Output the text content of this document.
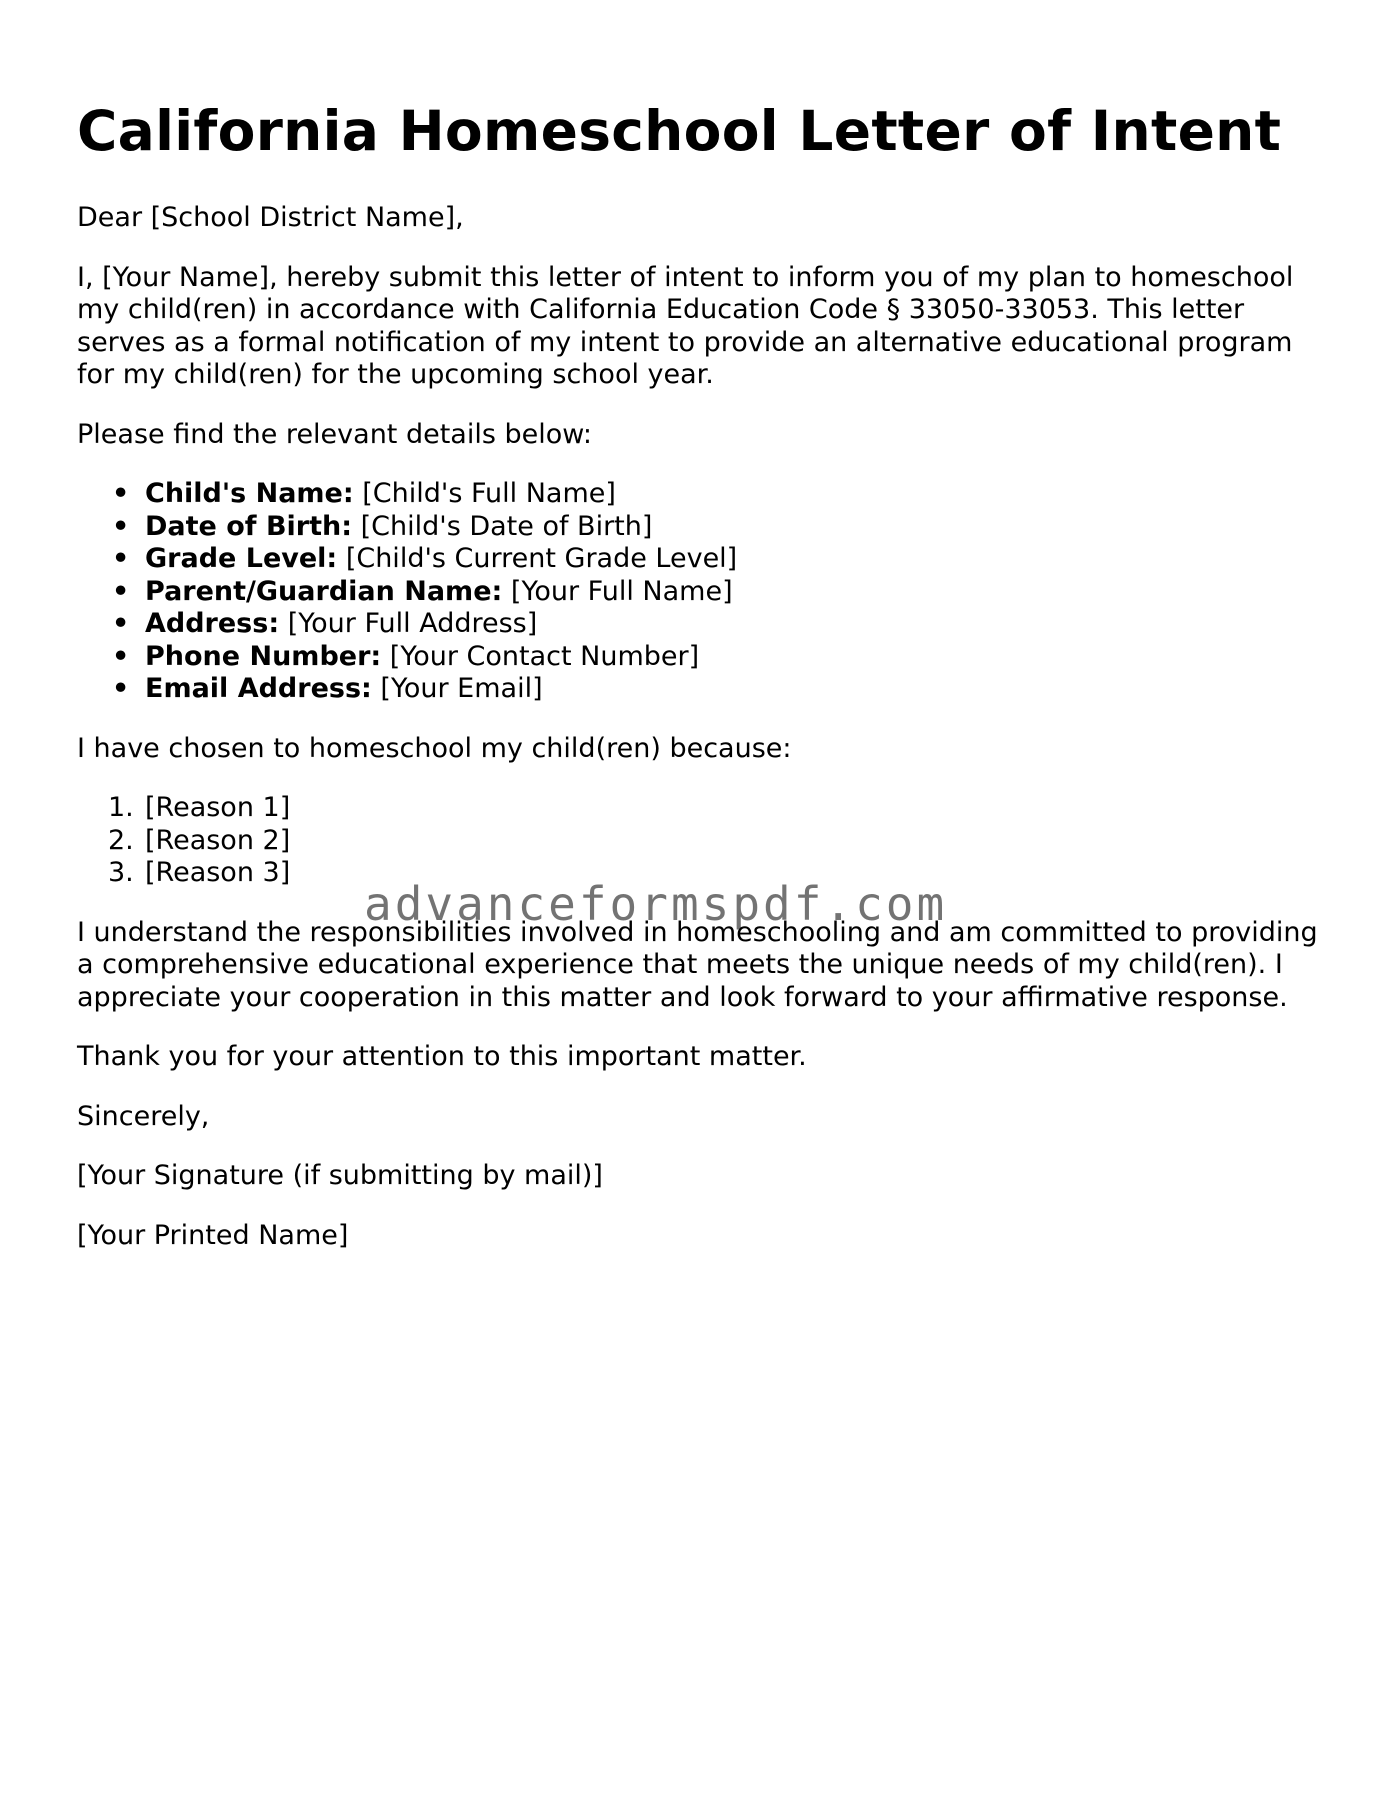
California Homeschool Letter of Intent

Dear [School District Name],

I, [Your Name], hereby submit this letter of intent to inform you of my plan to homeschool my child(ren) in accordance with California Education Code § 33050-33053. This letter serves as a formal notification of my intent to provide an alternative educational program for my child(ren) for the upcoming school year.

Please find the relevant details below:

• Child's Name: [Child's Full Name]
• Date of Birth: [Child's Date of Birth]
• Grade Level: [Child's Current Grade Level]
• Parent/Guardian Name: [Your Full Name]
• Address: [Your Full Address]
• Phone Number: [Your Contact Number]
• Email Address: [Your Email]

I have chosen to homeschool my child(ren) because:

1. [Reason 1]
2. [Reason 2]
3. [Reason 3]

I understand the responsibilities involved in homeschooling and am committed to providing a comprehensive educational experience that meets the unique needs of my child(ren). I appreciate your cooperation in this matter and look forward to your affirmative response.

Thank you for your attention to this important matter.

Sincerely,

[Your Signature (if submitting by mail)]

[Your Printed Name]

advanceformspdf.com
